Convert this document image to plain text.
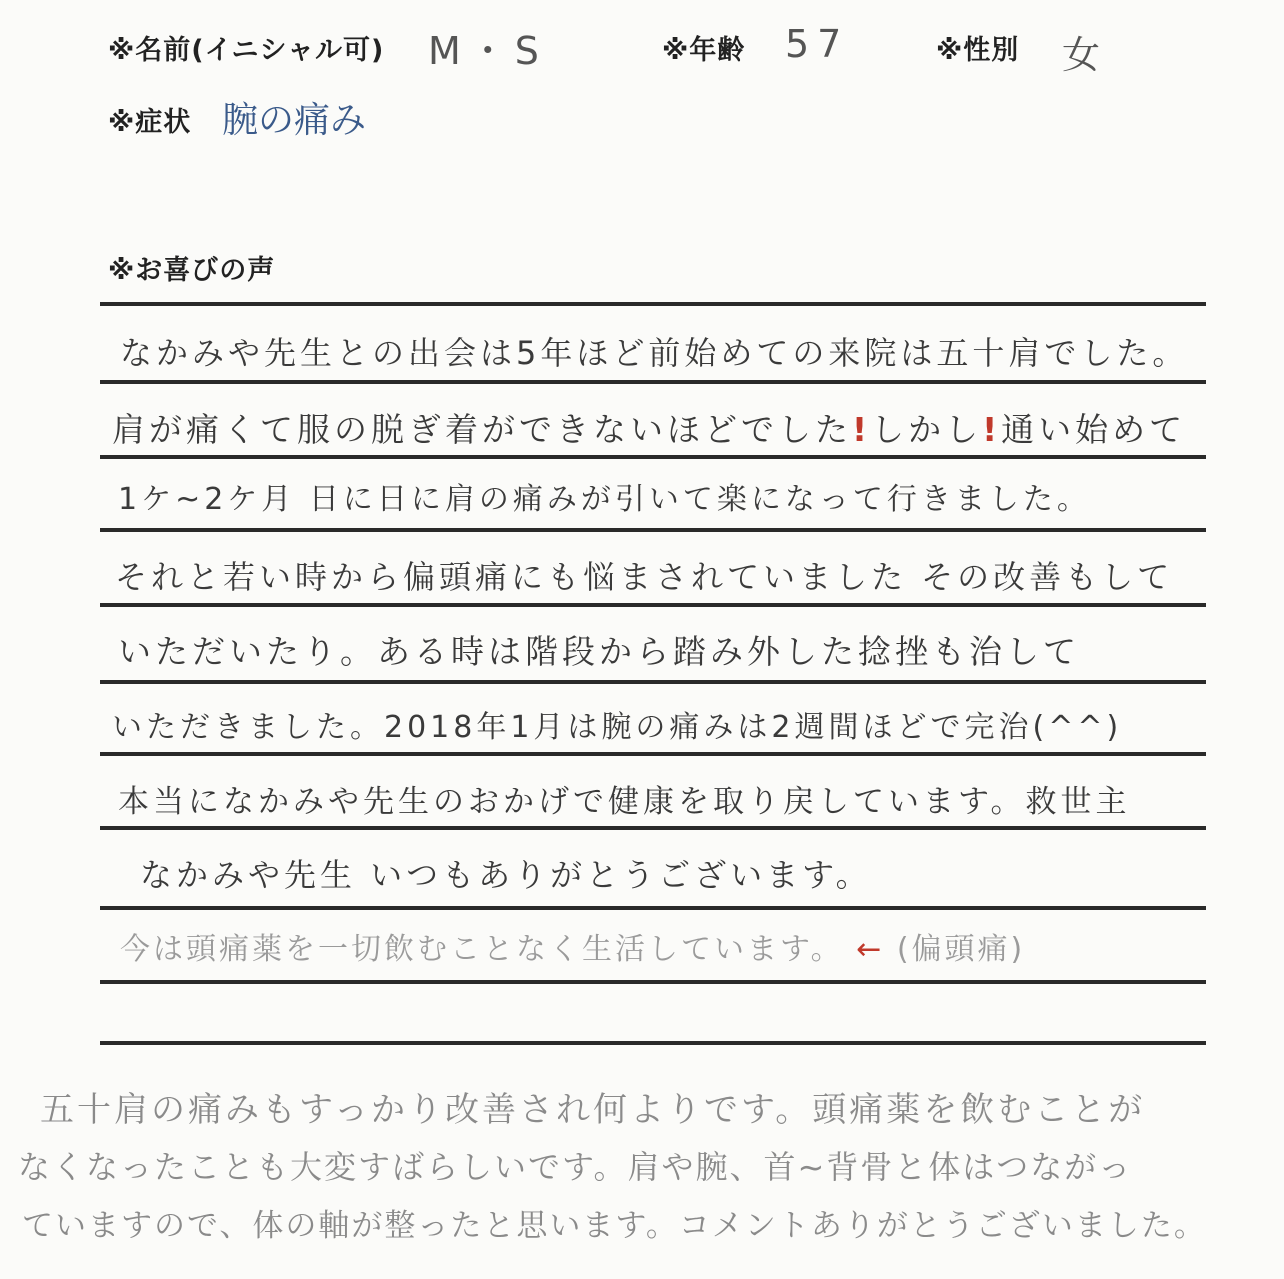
※名前(イニシャル可) M・S	※年齢 57	※性別 女
※症状 腕の痛み
※お喜びの声
なかみや先生との出会は5年ほど前始めての来院は五十肩でした。
肩が痛くて服の脱ぎ着ができないほどでした!しかし!通い始めて
1ケ~2ケ月 日に日に肩の痛みが引いて楽になって行きました。
それと若い時から偏頭痛にも悩まされていました その改善もして
いただいたり。ある時は階段から踏み外した捻挫も治して
いただきました。2018年1月は腕の痛みは2週間ほどで完治(^^)
本当になかみや先生のおかげで健康を取り戻しています。救世主
なかみや先生 いつもありがとうございます。
今は頭痛薬を一切飲むことなく生活しています。 ← (偏頭痛)
五十肩の痛みもすっかり改善され何よりです。頭痛薬を飲むことが
なくなったことも大変すばらしいです。肩や腕、首~背骨と体はつながっ
ていますので、体の軸が整ったと思います。コメントありがとうございました。
